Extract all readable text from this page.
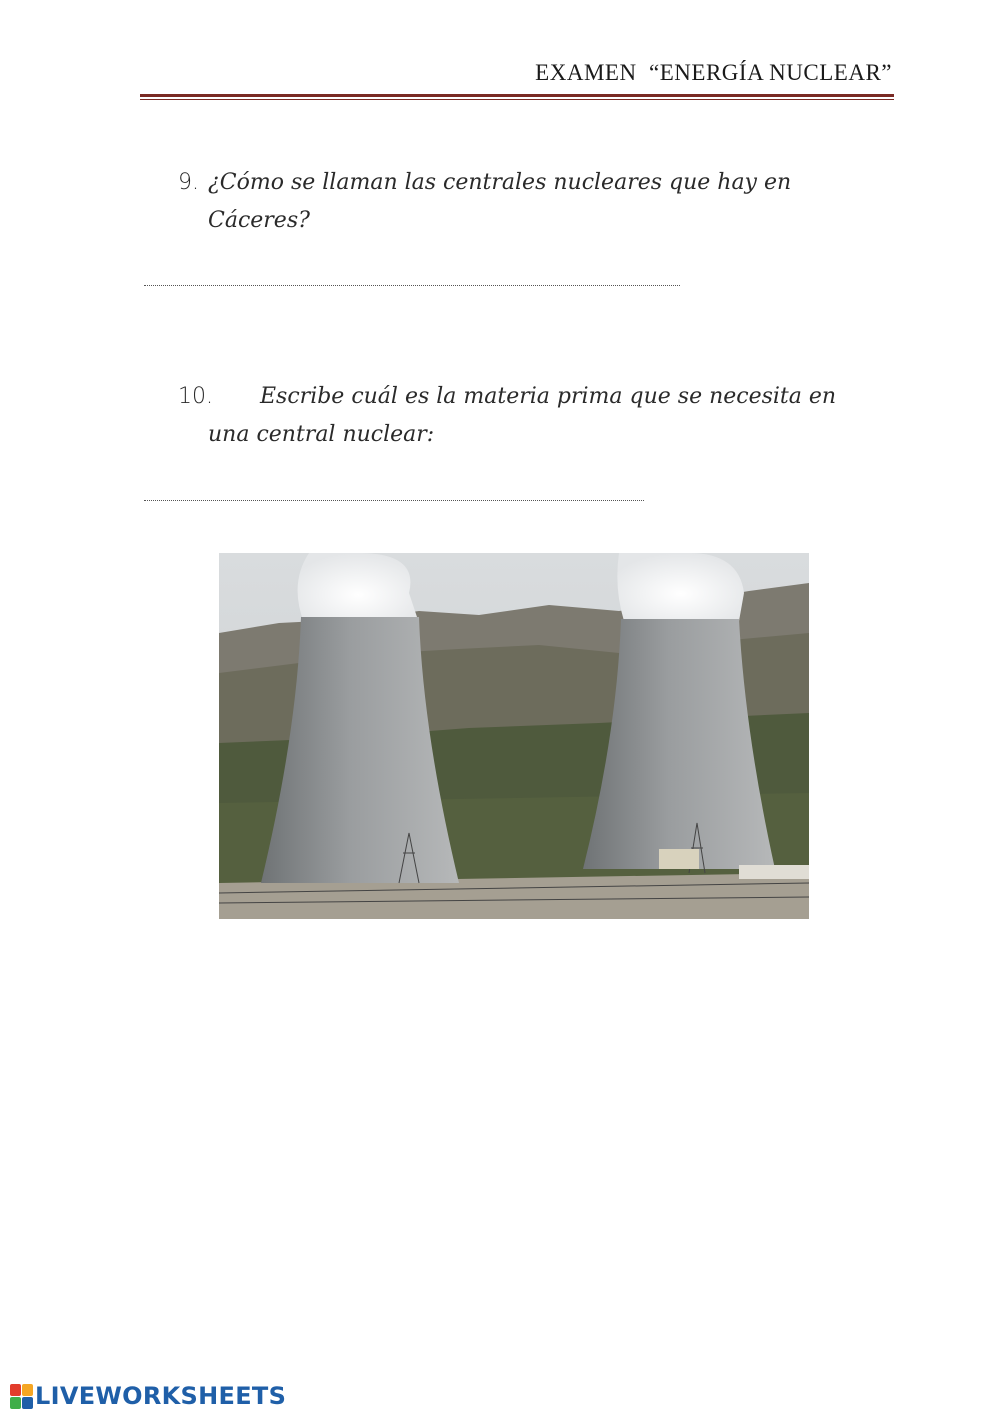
EXAMEN  “ENERGÍA NUCLEAR”
9. ¿Cómo se llaman las centrales nucleares que hay en
Cáceres?
10. Escribe cuál es la materia prima que se necesita en
una central nuclear:
LIVEWORKSHEETS
